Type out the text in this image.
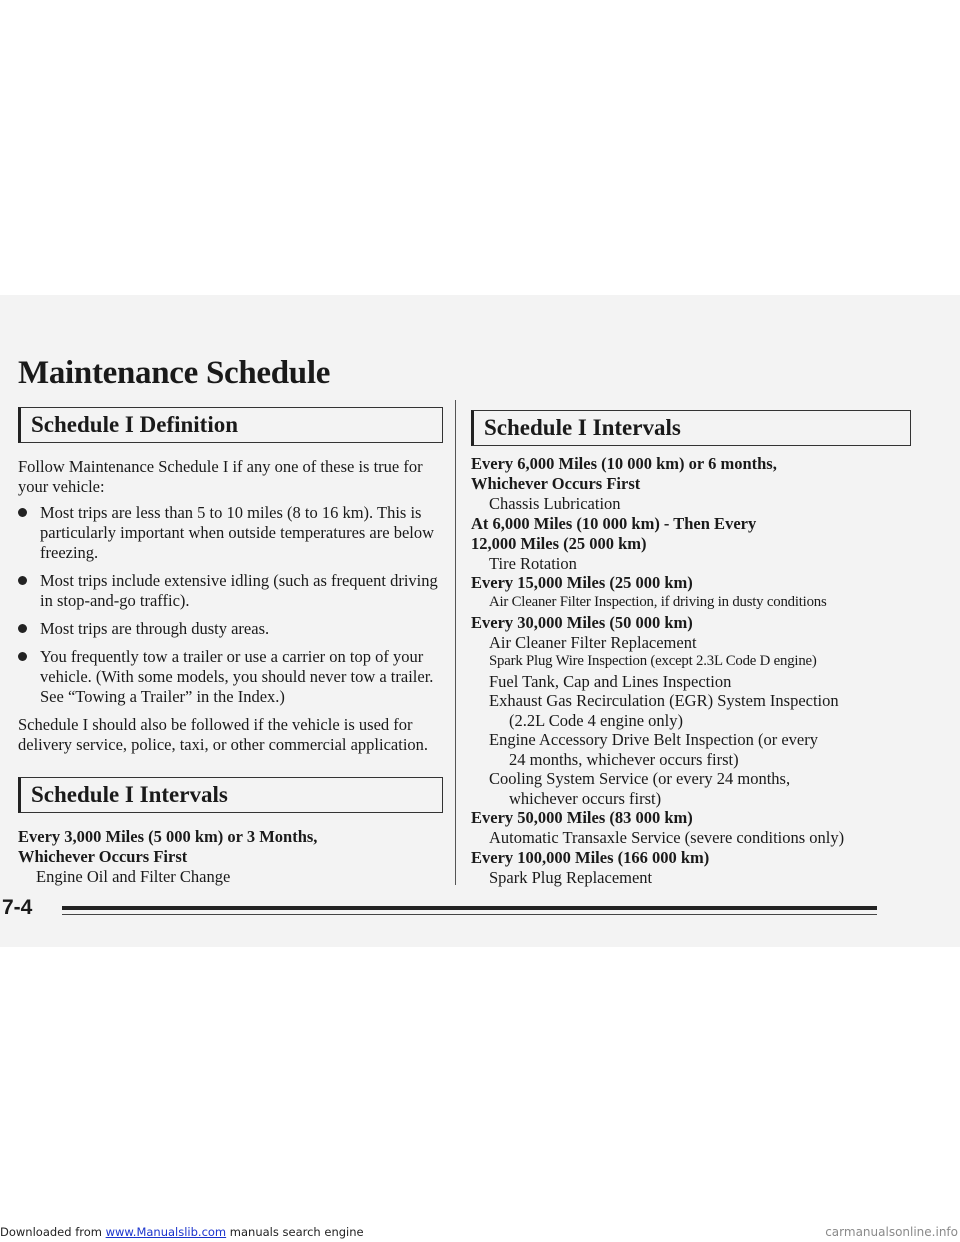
Maintenance Schedule
Schedule I Definition

Follow Maintenance Schedule I if any one of these is true for your vehicle:

Most trips are less than 5 to 10 miles (8 to 16 km). This is particularly important when outside temperatures are below freezing.
Most trips include extensive idling (such as frequent driving in stop-and-go traffic).
Most trips are through dusty areas.
You frequently tow a trailer or use a carrier on top of your vehicle. (With some models, you should never tow a trailer. See “Towing a Trailer” in the Index.)

Schedule I should also be followed if the vehicle is used for delivery service, police, taxi, or other commercial application.

Schedule I Intervals
Every 3,000 Miles (5 000 km) or 3 Months,
Whichever Occurs First
Engine Oil and Filter Change
Schedule I Intervals
Every 6,000 Miles (10 000 km) or 6 months,
Whichever Occurs First
Chassis Lubrication
At 6,000 Miles (10 000 km) - Then Every
12,000 Miles (25 000 km)
Tire Rotation
Every 15,000 Miles (25 000 km)
Air Cleaner Filter Inspection, if driving in dusty conditions
Every 30,000 Miles (50 000 km)
Air Cleaner Filter Replacement
Spark Plug Wire Inspection (except 2.3L Code D engine)
Fuel Tank, Cap and Lines Inspection
Exhaust Gas Recirculation (EGR) System Inspection
(2.2L Code 4 engine only)
Engine Accessory Drive Belt Inspection (or every
24 months, whichever occurs first)
Cooling System Service (or every 24 months,
whichever occurs first)
Every 50,000 Miles (83 000 km)
Automatic Transaxle Service (severe conditions only)
Every 100,000 Miles (166 000 km)
Spark Plug Replacement
7-4
Downloaded from www.Manualslib.com manuals search engine	carmanualsonline.info
